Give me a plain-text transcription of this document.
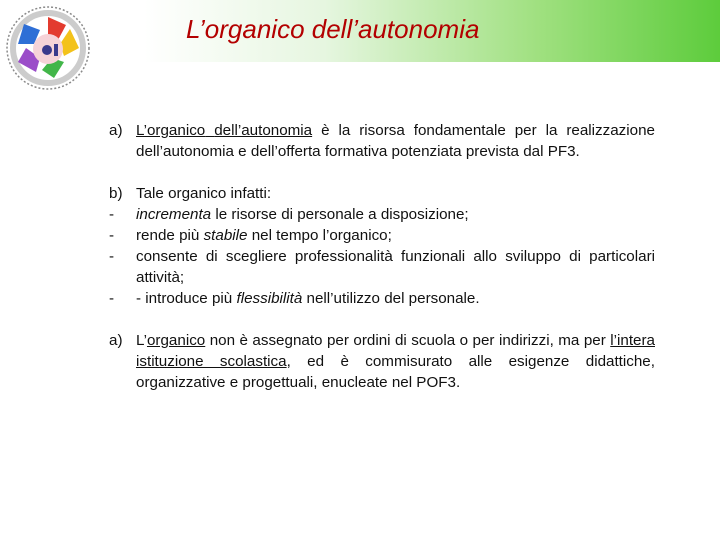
L’organico dell’autonomia
a) L’organico dell’autonomia è la risorsa fondamentale per la realizzazione dell’autonomia e dell’offerta formativa potenziata prevista dal PF3.
b) Tale organico infatti:
-	incrementa le risorse di personale a disposizione;
-	rende più stabile nel tempo l’organico;
-	consente di scegliere professionalità funzionali allo sviluppo di particolari attività;
-	- introduce più flessibilità nell’utilizzo del personale.
a) L’organico non è assegnato per ordini di scuola o per indirizzi, ma per l’intera istituzione scolastica, ed è commisurato alle esigenze didattiche, organizzative e progettuali, enucleate nel POF3.
